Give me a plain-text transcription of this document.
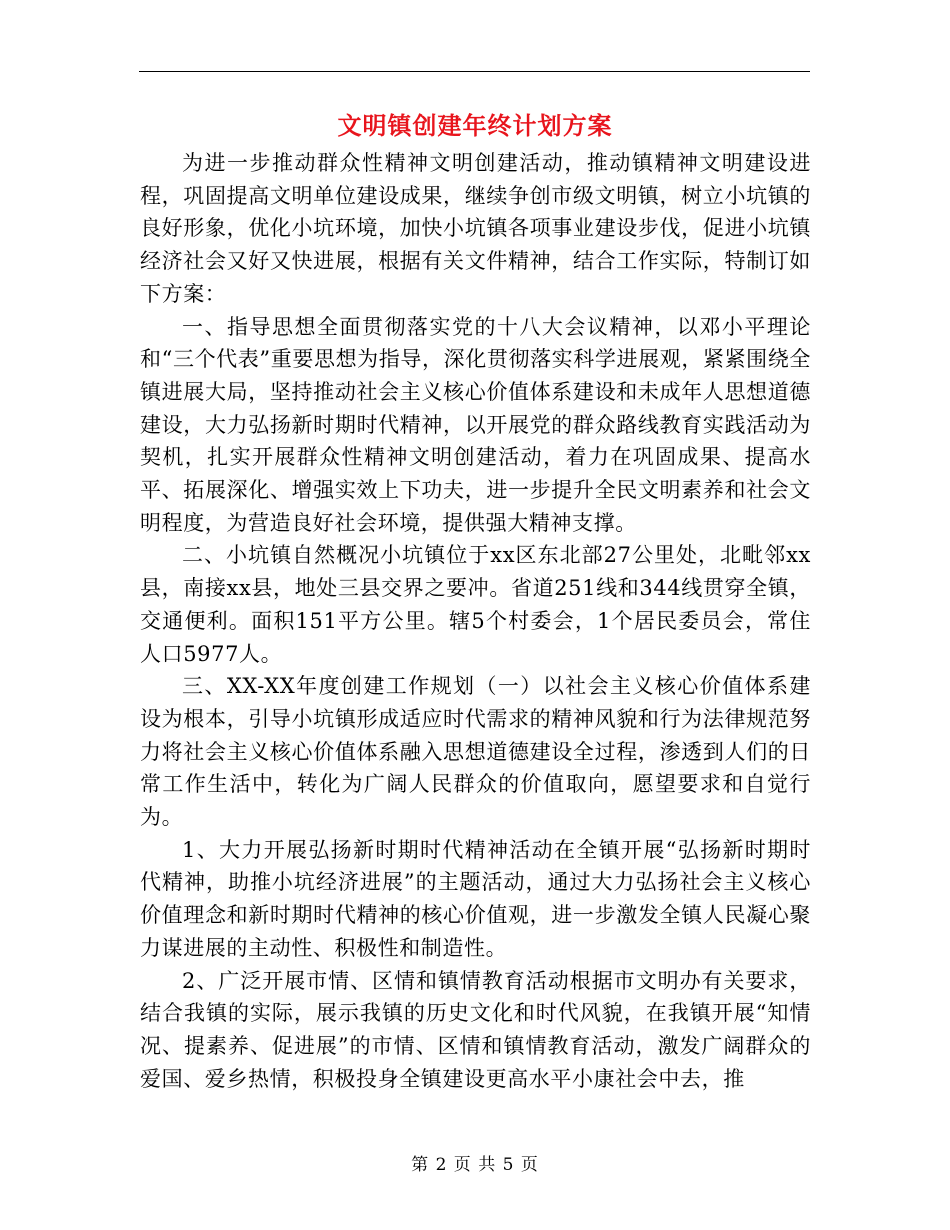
文明镇创建年终计划方案

为进一步推动群众性精神文明创建活动，推动镇精神文明建设进程，巩固提高文明单位建设成果，继续争创市级文明镇，树立小坑镇的良好形象，优化小坑环境，加快小坑镇各项事业建设步伐，促进小坑镇经济社会又好又快进展，根据有关文件精神，结合工作实际，特制订如下方案：

一、指导思想全面贯彻落实党的十八大会议精神，以邓小平理论和“三个代表”重要思想为指导，深化贯彻落实科学进展观，紧紧围绕全镇进展大局，坚持推动社会主义核心价值体系建设和未成年人思想道德建设，大力弘扬新时期时代精神，以开展党的群众路线教育实践活动为契机，扎实开展群众性精神文明创建活动，着力在巩固成果、提高水平、拓展深化、增强实效上下功夫，进一步提升全民文明素养和社会文明程度，为营造良好社会环境，提供强大精神支撑。

二、小坑镇自然概况小坑镇位于xx区东北部27公里处，北毗邻xx县，南接xx县，地处三县交界之要冲。省道251线和344线贯穿全镇，交通便利。面积151平方公里。辖5个村委会，1个居民委员会，常住人口5977人。

三、XX-XX年度创建工作规划（一）以社会主义核心价值体系建设为根本，引导小坑镇形成适应时代需求的精神风貌和行为法律规范努力将社会主义核心价值体系融入思想道德建设全过程，渗透到人们的日常工作生活中，转化为广阔人民群众的价值取向，愿望要求和自觉行为。

1、大力开展弘扬新时期时代精神活动在全镇开展“弘扬新时期时代精神，助推小坑经济进展”的主题活动，通过大力弘扬社会主义核心价值理念和新时期时代精神的核心价值观，进一步激发全镇人民凝心聚力谋进展的主动性、积极性和制造性。

2、广泛开展市情、区情和镇情教育活动根据市文明办有关要求，结合我镇的实际，展示我镇的历史文化和时代风貌，在我镇开展“知情况、提素养、促进展”的市情、区情和镇情教育活动，激发广阔群众的爱国、爱乡热情，积极投身全镇建设更高水平小康社会中去，推

第 2 页 共 5 页
